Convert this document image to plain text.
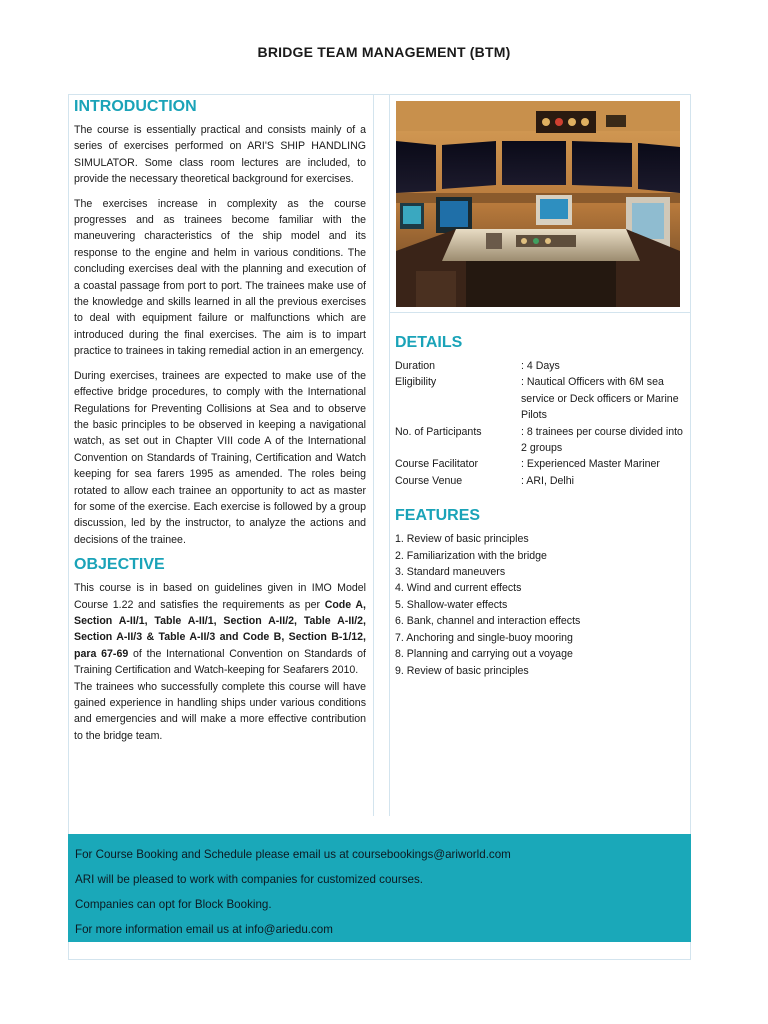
BRIDGE TEAM MANAGEMENT (BTM)
INTRODUCTION

The course is essentially practical and consists mainly of a series of exercises performed on ARI'S SHIP HANDLING SIMULATOR. Some class room lectures are included, to provide the necessary theoretical background for exercises.

The exercises increase in complexity as the course progresses and as trainees become familiar with the maneuvering characteristics of the ship model and its response to the engine and helm in various conditions. The concluding exercises deal with the planning and execution of a coastal passage from port to port. The trainees make use of the knowledge and skills learned in all the previous exercises to deal with equipment failure or malfunctions which are introduced during the final exercises. The aim is to impart practice to trainees in taking remedial action in an emergency.

During exercises, trainees are expected to make use of the effective bridge procedures, to comply with the International Regulations for Preventing Collisions at Sea and to observe the basic principles to be observed in keeping a navigational watch, as set out in Chapter VIII code A of the International Convention on Standards of Training, Certification and Watch keeping for sea farers 1995 as amended. The roles being rotated to allow each trainee an opportunity to act as master for some of the exercise. Each exercise is followed by a group discussion, led by the instructor, to analyze the actions and decisions of the trainee.

OBJECTIVE

This course is in based on guidelines given in IMO Model Course 1.22 and satisfies the requirements as per Code A, Section A-II/1, Table A-II/1, Section A-II/2, Table A-II/2, Section A-II/3 & Table A-II/3 and Code B, Section B-1/12, para 67-69 of the International Convention on Standards of Training Certification and Watch-keeping for Seafarers 2010.

The trainees who successfully complete this course will have gained experience in handling ships under various conditions and emergencies and will make a more effective contribution to the bridge team.

DETAILS
Duration	: 4 Days
Eligibility	: Nautical Officers with 6M sea service or Deck officers or Marine Pilots
No. of Participants	: 8 trainees per course divided into 2 groups
Course Facilitator	: Experienced Master Mariner
Course Venue	: ARI, Delhi
FEATURES
1. Review of basic principles
2. Familiarization with the bridge
3. Standard maneuvers
4. Wind and current effects
5. Shallow-water effects
6. Bank, channel and interaction effects
7. Anchoring and single-buoy mooring
8. Planning and carrying out a voyage
9. Review of basic principles
For Course Booking and Schedule please email us at coursebookings@ariworld.com
ARI will be pleased to work with companies for customized courses.
Companies can opt for Block Booking.
For more information email us at info@ariedu.com
